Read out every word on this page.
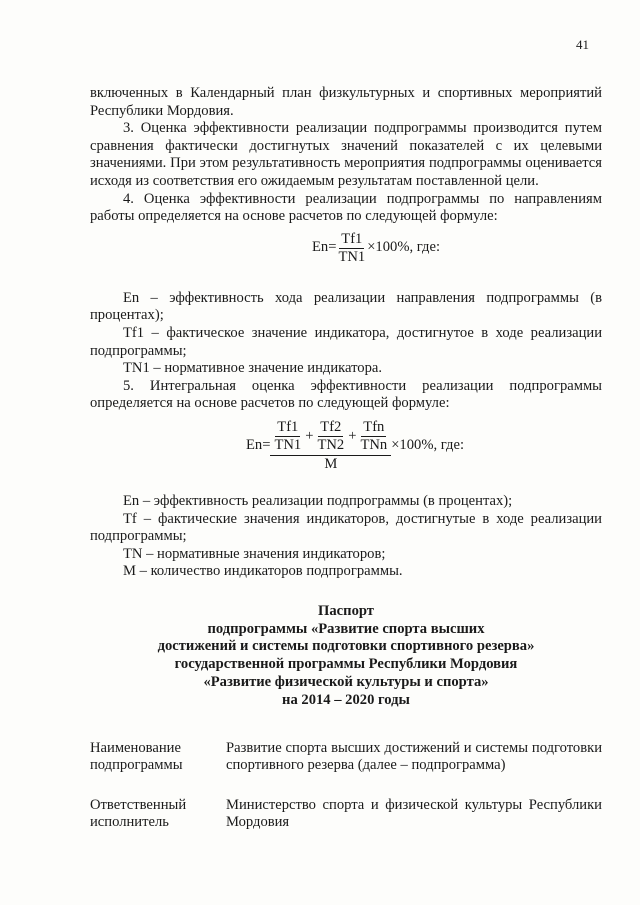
41

включенных в Календарный план физкультурных и спортивных мероприятий Республики Мордовия.

3. Оценка эффективности реализации подпрограммы производится путем сравнения фактически достигнутых значений показателей с их целевыми значениями. При этом результативность мероприятия подпрограммы оценивается исходя из соответствия его ожидаемым результатам поставленной цели.

4. Оценка эффективности реализации подпрограммы по направлениям работы определяется на основе расчетов по следующей формуле:

$Еn= \frac{Тf1}{ТN1} \times 100\%$, где:

Еn – эффективность хода реализации направления подпрограммы (в процентах);

Тf1 – фактическое значение индикатора, достигнутое в ходе реализации подпрограммы;

ТN1 – нормативное значение индикатора.

5. Интегральная оценка эффективности реализации подпрограммы определяется на основе расчетов по следующей формуле:

$Еn= \frac{Тf1}{ТN1} + \frac{Тf2}{ТN2} + \frac{\text{Тfn}}{\text{ТNn}}$
М
×100%, где:

Еn – эффективность реализации подпрограммы (в процентах);

Тf – фактические значения индикаторов, достигнутые в ходе реализации подпрограммы;

ТN – нормативные значения индикаторов;

М – количество индикаторов подпрограммы.

Паспорт
подпрограммы «Развитие спорта высших
достижений и системы подготовки спортивного резерва»
государственной программы Республики Мордовия
«Развитие физической культуры и спорта»
на 2014 – 2020 годы
Наименование подпрограммы	Развитие спорта высших достижений и системы подготовки спортивного резерва (далее – подпрограмма)

Ответственный исполнитель	Министерство спорта и физической культуры Республики Мордовия
